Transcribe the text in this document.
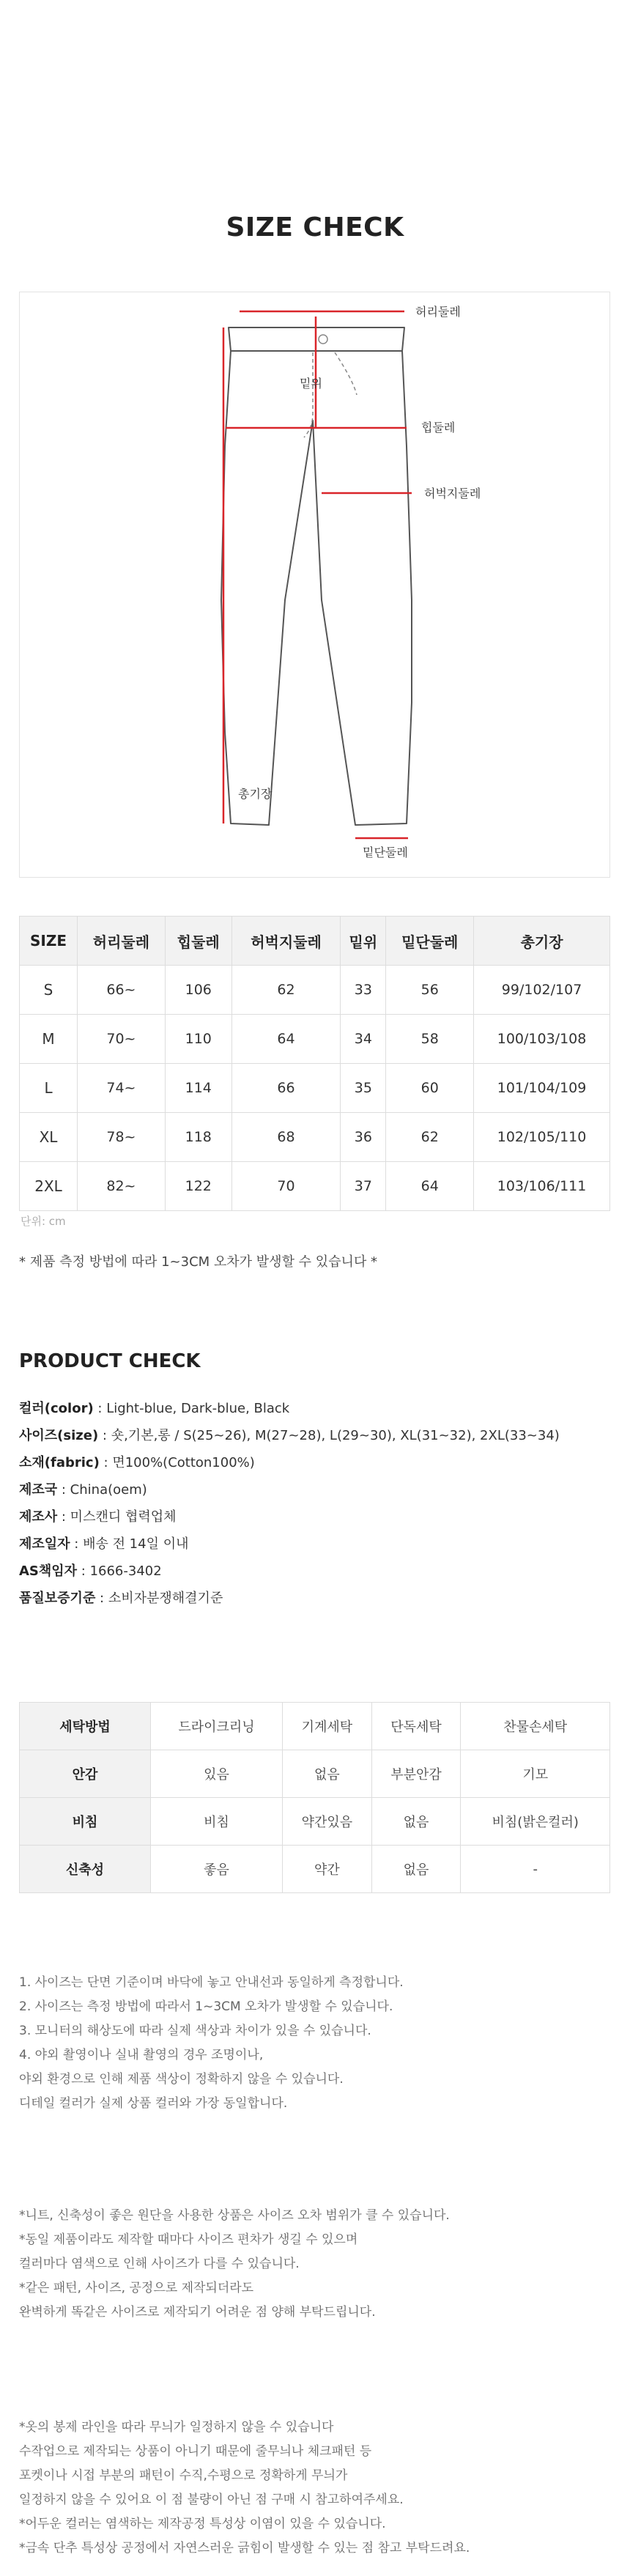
SIZE CHECK
허리둘레
밑위
힙둘레
허벅지둘레
총기장
밑단둘레
SIZE	허리둘레	힙둘레	허벅지둘레	밑위	밑단둘레	총기장
S	66~	106	62	33	56	99/102/107
M	70~	110	64	34	58	100/103/108
L	74~	114	66	35	60	101/104/109
XL	78~	118	68	36	62	102/105/110
2XL	82~	122	70	37	64	103/106/111
단위: cm
* 제품 측정 방법에 따라 1~3CM 오차가 발생할 수 있습니다 *
PRODUCT CHECK
컬러(color) : Light-blue, Dark-blue, Black
사이즈(size) : 숏,기본,롱 / S(25~26), M(27~28), L(29~30), XL(31~32), 2XL(33~34)
소재(fabric) : 면100%(Cotton100%)
제조국 : China(oem)
제조사 : 미스캔디 협력업체
제조일자 : 배송 전 14일 이내
AS책임자 : 1666-3402
품질보증기준 : 소비자분쟁해결기준
세탁방법	드라이크리닝	기계세탁	단독세탁	찬물손세탁
안감	있음	없음	부분안감	기모
비침	비침	약간있음	없음	비침(밝은컬러)
신축성	좋음	약간	없음	-
1. 사이즈는 단면 기준이며 바닥에 놓고 안내선과 동일하게 측정합니다.
2. 사이즈는 측정 방법에 따라서 1~3CM 오차가 발생할 수 있습니다.
3. 모니터의 해상도에 따라 실제 색상과 차이가 있을 수 있습니다.
4. 야외 촬영이나 실내 촬영의 경우 조명이나,
야외 환경으로 인해 제품 색상이 정확하지 않을 수 있습니다.
디테일 컬러가 실제 상품 컬러와 가장 동일합니다.
*니트, 신축성이 좋은 원단을 사용한 상품은 사이즈 오차 범위가 클 수 있습니다.
*동일 제품이라도 제작할 때마다 사이즈 편차가 생길 수 있으며
컬러마다 염색으로 인해 사이즈가 다를 수 있습니다.
*같은 패턴, 사이즈, 공정으로 제작되더라도
완벽하게 똑같은 사이즈로 제작되기 어려운 점 양해 부탁드립니다.
*옷의 봉제 라인을 따라 무늬가 일정하지 않을 수 있습니다
수작업으로 제작되는 상품이 아니기 때문에 줄무늬나 체크패턴 등
포켓이나 시접 부분의 패턴이 수직,수평으로 정확하게 무늬가
일정하지 않을 수 있어요 이 점 불량이 아닌 점 구매 시 참고하여주세요.
*어두운 컬러는 염색하는 제작공정 특성상 이염이 있을 수 있습니다.
*금속 단추 특성상 공정에서 자연스러운 긁힘이 발생할 수 있는 점 참고 부탁드려요.
